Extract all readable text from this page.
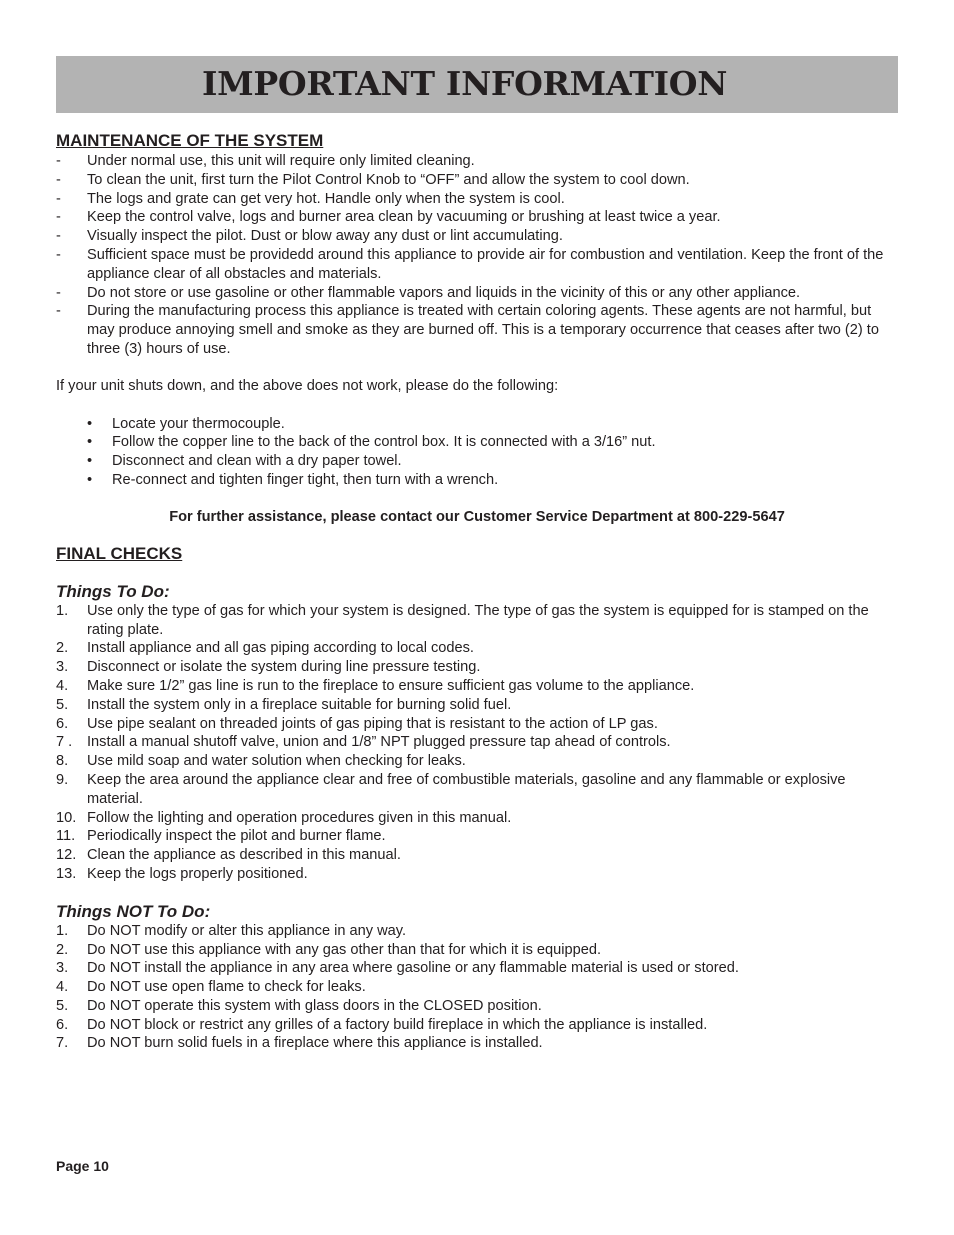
IMPORTANT INFORMATION
MAINTENANCE OF THE SYSTEM
- Under normal use, this unit will require only limited cleaning.
- To clean the unit, first turn the Pilot Control Knob to “OFF” and allow the system to cool down.
- The logs and grate can get very hot. Handle only when the system is cool.
- Keep the control valve, logs and burner area clean by vacuuming or brushing at least twice a year.
- Visually inspect the pilot. Dust or blow away any dust or lint accumulating.
- Sufficient space must be providedd around this appliance to provide air for combustion and ventilation. Keep the front of the appliance clear of all obstacles and materials.
- Do not store or use gasoline or other flammable vapors and liquids in the vicinity of this or any other appliance.
- During the manufacturing process this appliance is treated with certain coloring agents. These agents are not harmful, but may produce annoying smell and smoke as they are burned off. This is a temporary occurrence that ceases after two (2) to three (3) hours of use.

If your unit shuts down, and the above does not work, please do the following:

• Locate your thermocouple.
• Follow the copper line to the back of the control box. It is connected with a 3/16” nut.
• Disconnect and clean with a dry paper towel.
• Re-connect and tighten finger tight, then turn with a wrench.

For further assistance, please contact our Customer Service Department at 800-229-5647

FINAL CHECKS
Things To Do:
1. Use only the type of gas for which your system is designed. The type of gas the system is equipped for is stamped on the rating plate.
2. Install appliance and all gas piping according to local codes.
3. Disconnect or isolate the system during line pressure testing.
4. Make sure 1/2” gas line is run to the fireplace to ensure sufficient gas volume to the appliance.
5. Install the system only in a fireplace suitable for burning solid fuel.
6. Use pipe sealant on threaded joints of gas piping that is resistant to the action of LP gas.
7 . Install a manual shutoff valve, union and 1/8” NPT plugged pressure tap ahead of controls.
8. Use mild soap and water solution when checking for leaks.
9. Keep the area around the appliance clear and free of combustible materials, gasoline and any flammable or explosive material.
10. Follow the lighting and operation procedures given in this manual.
11. Periodically inspect the pilot and burner flame.
12. Clean the appliance as described in this manual.
13. Keep the logs properly positioned.
Things NOT To Do:
1. Do NOT modify or alter this appliance in any way.
2. Do NOT use this appliance with any gas other than that for which it is equipped.
3. Do NOT install the appliance in any area where gasoline or any flammable material is used or stored.
4. Do NOT use open flame to check for leaks.
5. Do NOT operate this system with glass doors in the CLOSED position.
6. Do NOT block or restrict any grilles of a factory build fireplace in which the appliance is installed.
7. Do NOT burn solid fuels in a fireplace where this appliance is installed.

Page 10
